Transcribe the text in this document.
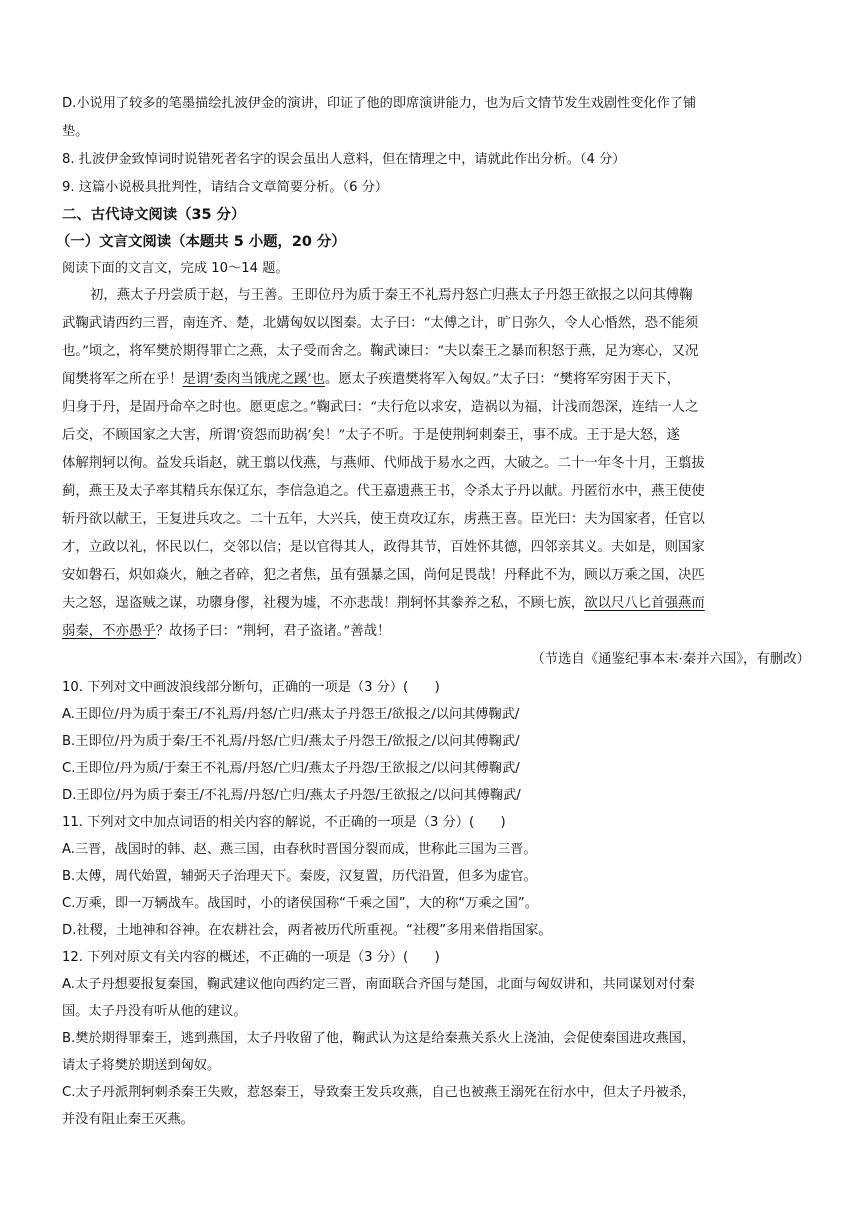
D.小说用了较多的笔墨描绘扎波伊金的演讲，印证了他的即席演讲能力，也为后文情节发生戏剧性变化作了铺
垫。
8. 扎波伊金致悼词时说错死者名字的误会虽出人意料，但在情理之中，请就此作出分析。（4 分）
9. 这篇小说极具批判性，请结合文章简要分析。（6 分）
二、古代诗文阅读（35 分）
（一）文言文阅读（本题共 5 小题，20 分）
阅读下面的文言文，完成 10～14 题。
初，燕太子丹尝质于赵，与王善。王即位丹为质于秦王不礼焉丹怒亡归燕太子丹怨王欲报之以问其傅鞠
武鞠武请西约三晋，南连齐、楚，北媾匈奴以图秦。太子曰：“太傅之计，旷日弥久，令人心惛然，恐不能须
也。”顷之，将军樊於期得罪亡之燕，太子受而舍之。鞠武谏曰：“夫以秦王之暴而积怒于燕，足为寒心，又况
闻樊将军之所在乎！是谓‘委肉当饿虎之蹊’也。愿太子疾遣樊将军入匈奴。”太子曰：“樊将军穷困于天下，
归身于丹，是固丹命卒之时也。愿更虑之。”鞠武曰：“夫行危以求安，造祸以为福，计浅而怨深，连结一人之
后交，不顾国家之大害，所谓‘资怨而助祸’矣！”太子不听。于是使荆轲刺秦王，事不成。王于是大怒，遂
体解荆轲以徇。益发兵诣赵，就王翦以伐燕，与燕师、代师战于易水之西，大破之。二十一年冬十月，王翦拔
蓟，燕王及太子率其精兵东保辽东，李信急追之。代王嘉遗燕王书，令杀太子丹以献。丹匿衍水中，燕王使使
斩丹欲以献王，王复进兵攻之。二十五年，大兴兵，使王贲攻辽东，虏燕王喜。臣光曰：夫为国家者，任官以
才，立政以礼，怀民以仁，交邻以信；是以官得其人，政得其节，百姓怀其德，四邻亲其义。夫如是，则国家
安如磐石，炽如焱火，触之者碎，犯之者焦，虽有强暴之国，尚何足畏哉！丹释此不为，顾以万乘之国，决匹
夫之怒，逞盗贼之谋，功隳身僇，社稷为墟，不亦悲哉！荆轲怀其豢养之私，不顾七族，欲以尺八匕首强燕而
弱秦，不亦愚乎？故扬子曰：“荆轲，君子盗诸。”善哉！
（节选自《通鉴纪事本末·秦并六国》，有删改）
10. 下列对文中画波浪线部分断句，正确的一项是（3 分）(　　)
A.王即位/丹为质于秦王/不礼焉/丹怒/亡归/燕太子丹怨王/欲报之/以问其傅鞠武/
B.王即位/丹为质于秦/王不礼焉/丹怒/亡归/燕太子丹怨王/欲报之/以问其傅鞠武/
C.王即位/丹为质/于秦王不礼焉/丹怒/亡归/燕太子丹怨/王欲报之/以问其傅鞠武/
D.王即位/丹为质于秦王/不礼焉/丹怒/亡归/燕太子丹怨/王欲报之/以问其傅鞠武/
11. 下列对文中加点词语的相关内容的解说，不正确的一项是（3 分）(　　)
A.三晋，战国时的韩、赵、燕三国，由春秋时晋国分裂而成，世称此三国为三晋。
B.太傅，周代始置，辅弼天子治理天下。秦废，汉复置，历代沿置，但多为虚官。
C.万乘，即一万辆战车。战国时，小的诸侯国称“千乘之国”，大的称“万乘之国”。
D.社稷，土地神和谷神。在农耕社会，两者被历代所重视。“社稷”多用来借指国家。
12. 下列对原文有关内容的概述，不正确的一项是（3 分）(　　)
A.太子丹想要报复秦国，鞠武建议他向西约定三晋，南面联合齐国与楚国，北面与匈奴讲和，共同谋划对付秦
国。太子丹没有听从他的建议。
B.樊於期得罪秦王，逃到燕国，太子丹收留了他，鞠武认为这是给秦燕关系火上浇油，会促使秦国进攻燕国，
请太子将樊於期送到匈奴。
C.太子丹派荆轲刺杀秦王失败，惹怒秦王，导致秦王发兵攻燕，自己也被燕王溺死在衍水中，但太子丹被杀，
并没有阻止秦王灭燕。
